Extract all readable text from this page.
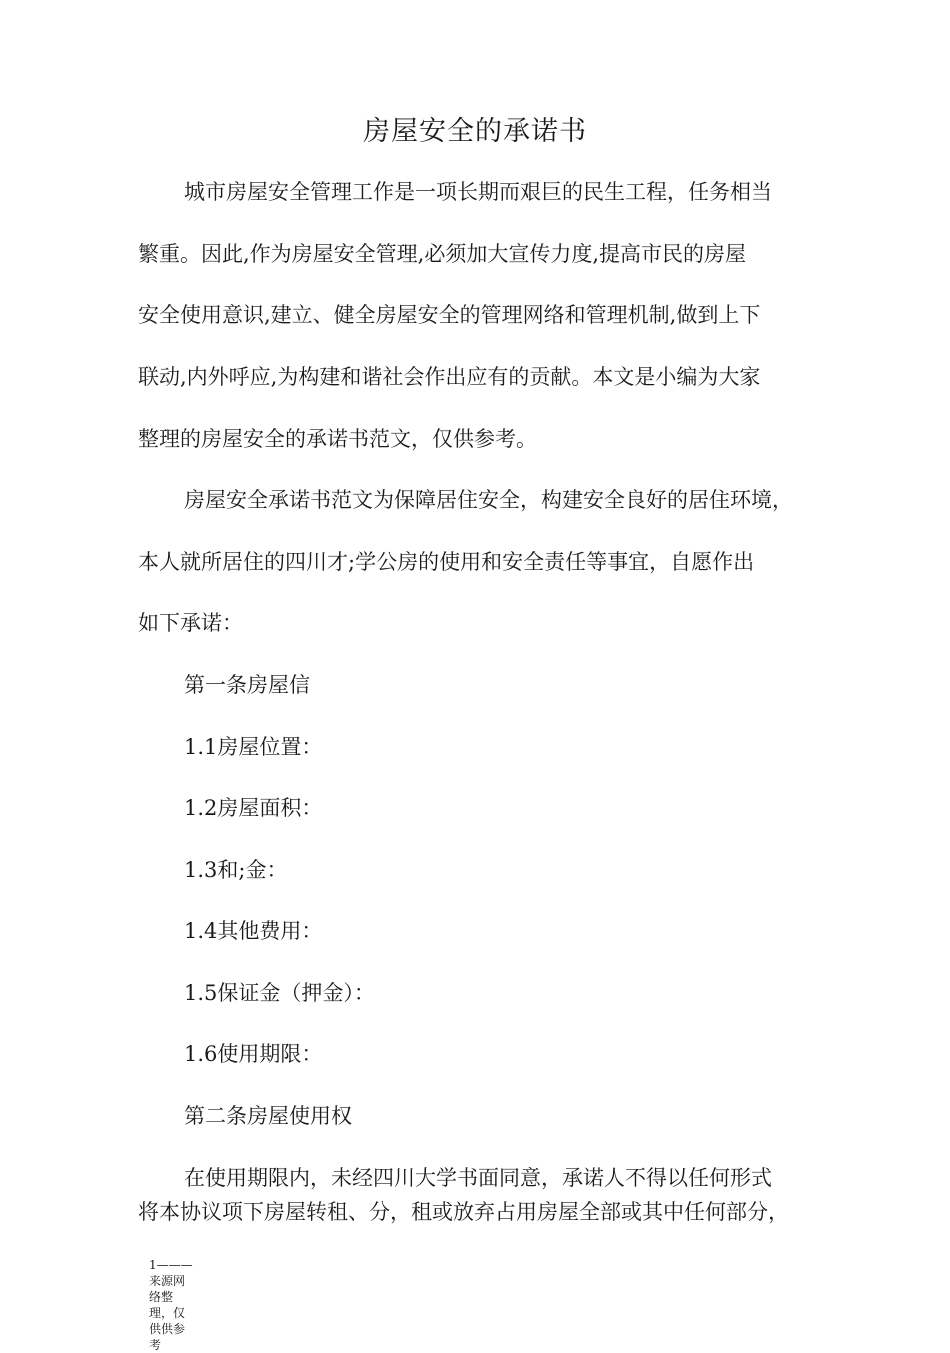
房屋安全的承诺书
城市房屋安全管理工作是一项长期而艰巨的民生工程，任务相当
繁重。因此,作为房屋安全管理,必须加大宣传力度,提高市民的房屋
安全使用意识,建立、健全房屋安全的管理网络和管理机制,做到上下
联动,内外呼应,为构建和谐社会作出应有的贡献。本文是小编为大家
整理的房屋安全的承诺书范文，仅供参考。
房屋安全承诺书范文为保障居住安全，构建安全良好的居住环境，
本人就所居住的四川才;学公房的使用和安全责任等事宜，自愿作出
如下承诺：
第一条房屋信
1.1房屋位置：
1.2房屋面积：
1.3和;金：
1.4其他费用：
1.5保证金（押金）：
1.6使用期限：
第二条房屋使用权
在使用期限内，未经四川大学书面同意，承诺人不得以任何形式
将本协议项下房屋转租、分，租或放弃占用房屋全部或其中任何部分，
1———来源网络整理，仅供供参考
